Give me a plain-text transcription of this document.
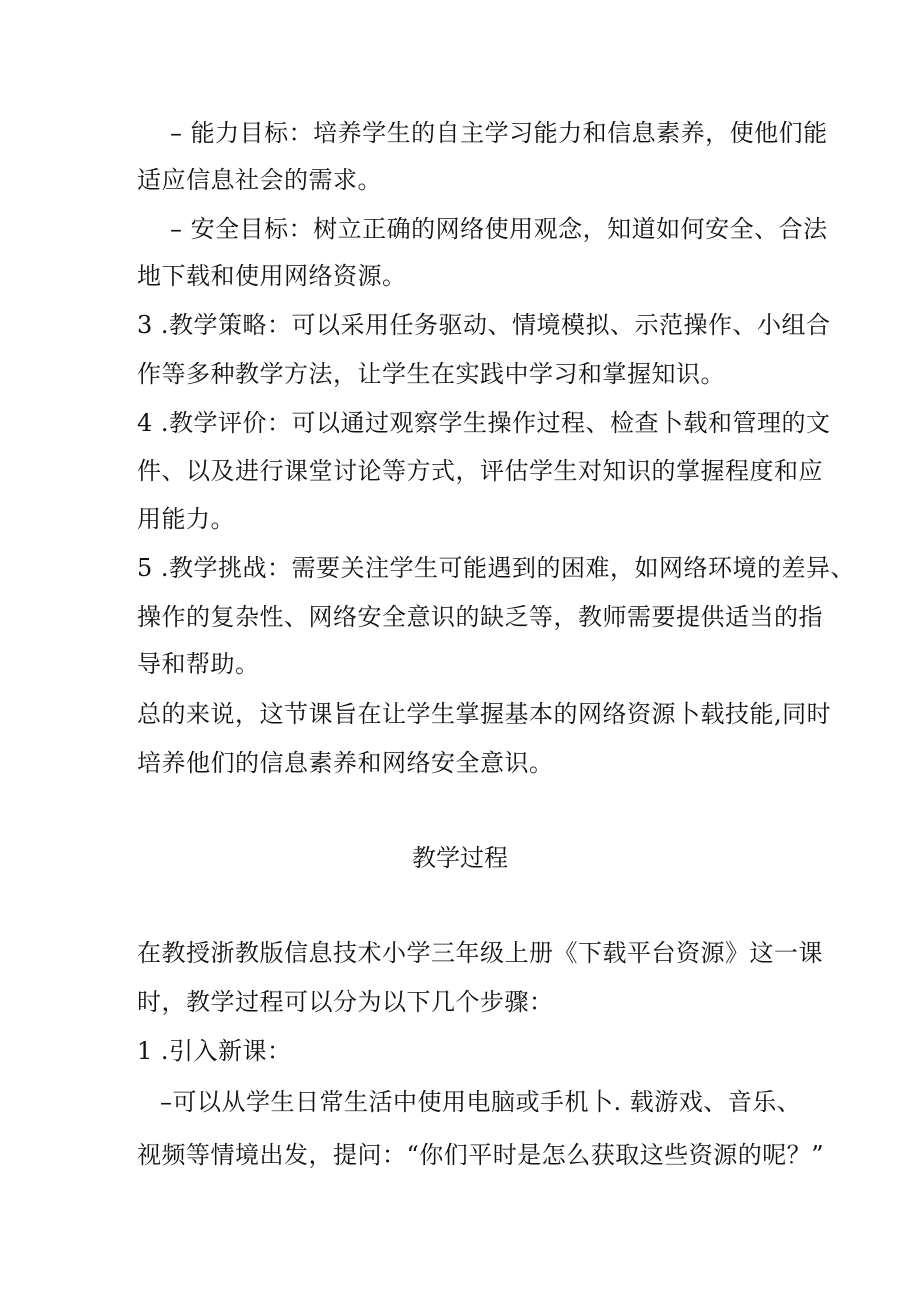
– 能力目标：培养学生的自主学习能力和信息素养，使他们能
适应信息社会的需求。
– 安全目标：树立正确的网络使用观念，知道如何安全、合法
地下载和使用网络资源。
3 .教学策略：可以采用任务驱动、情境模拟、示范操作、小组合
作等多种教学方法，让学生在实践中学习和掌握知识。
4 .教学评价：可以通过观察学生操作过程、检查卜载和管理的文
件、以及进行课堂讨论等方式，评估学生对知识的掌握程度和应
用能力。
5 .教学挑战：需要关注学生可能遇到的困难，如网络环境的差异、
操作的复杂性、网络安全意识的缺乏等，教师需要提供适当的指
导和帮助。
总的来说，这节课旨在让学生掌握基本的网络资源卜载技能,同时
培养他们的信息素养和网络安全意识。
教学过程
在教授浙教版信息技术小学三年级上册《下载平台资源》这一课
时，教学过程可以分为以下几个步骤：
1 .引入新课：
–可以从学生日常生活中使用电脑或手机卜. 载游戏、音乐、
视频等情境出发，提问：“你们平时是怎么获取这些资源的呢？”
